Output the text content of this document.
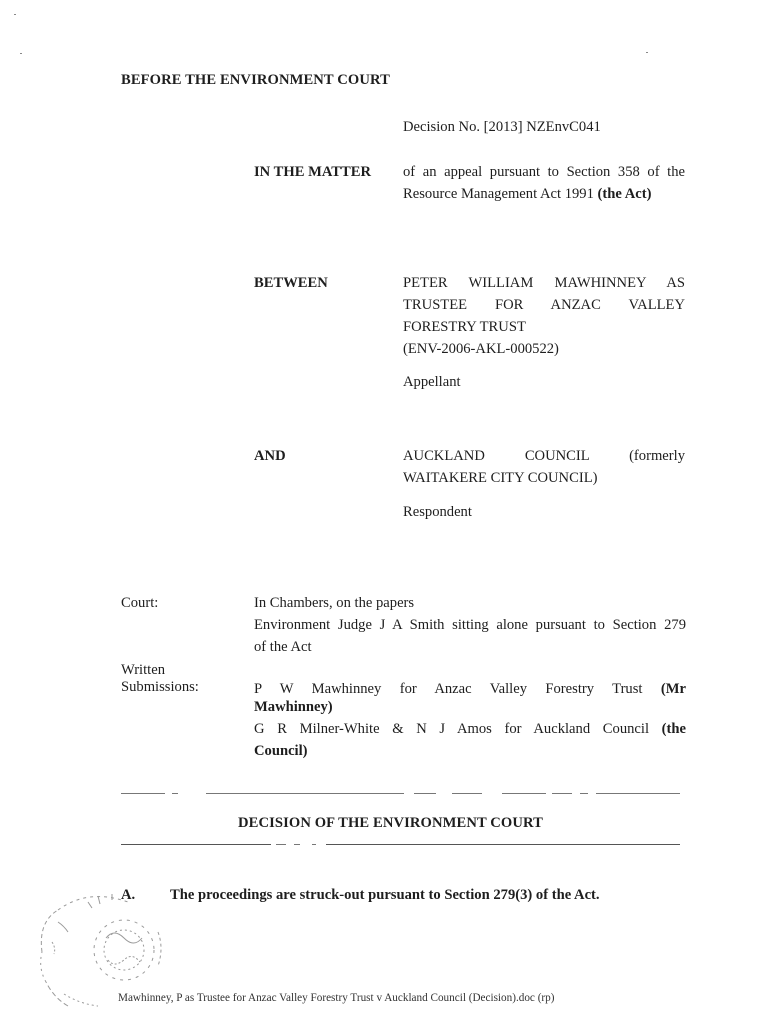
BEFORE THE ENVIRONMENT COURT
Decision No. [2013] NZEnvC041
IN THE MATTER of an appeal pursuant to Section 358 of the
Resource Management Act 1991 (the Act)
BETWEEN	PETER WILLIAM MAWHINNEY AS
TRUSTEE FOR ANZAC VALLEY
FORESTRY TRUST
(ENV-2006-AKL-000522)
Appellant
AND	AUCKLAND COUNCIL (formerly
WAITAKERE CITY COUNCIL)
Respondent
Court:	In Chambers, on the papers
Environment Judge J A Smith sitting alone pursuant to Section 279
of the Act
Written
Submissions:	P W Mawhinney for Anzac Valley Forestry Trust (Mr
Mawhinney)
G R Milner-White & N J Amos for Auckland Council (the
Council)
DECISION OF THE ENVIRONMENT COURT
A. The proceedings are struck-out pursuant to Section 279(3) of the Act.
Mawhinney, P as Trustee for Anzac Valley Forestry Trust v Auckland Council (Decision).doc (rp)
